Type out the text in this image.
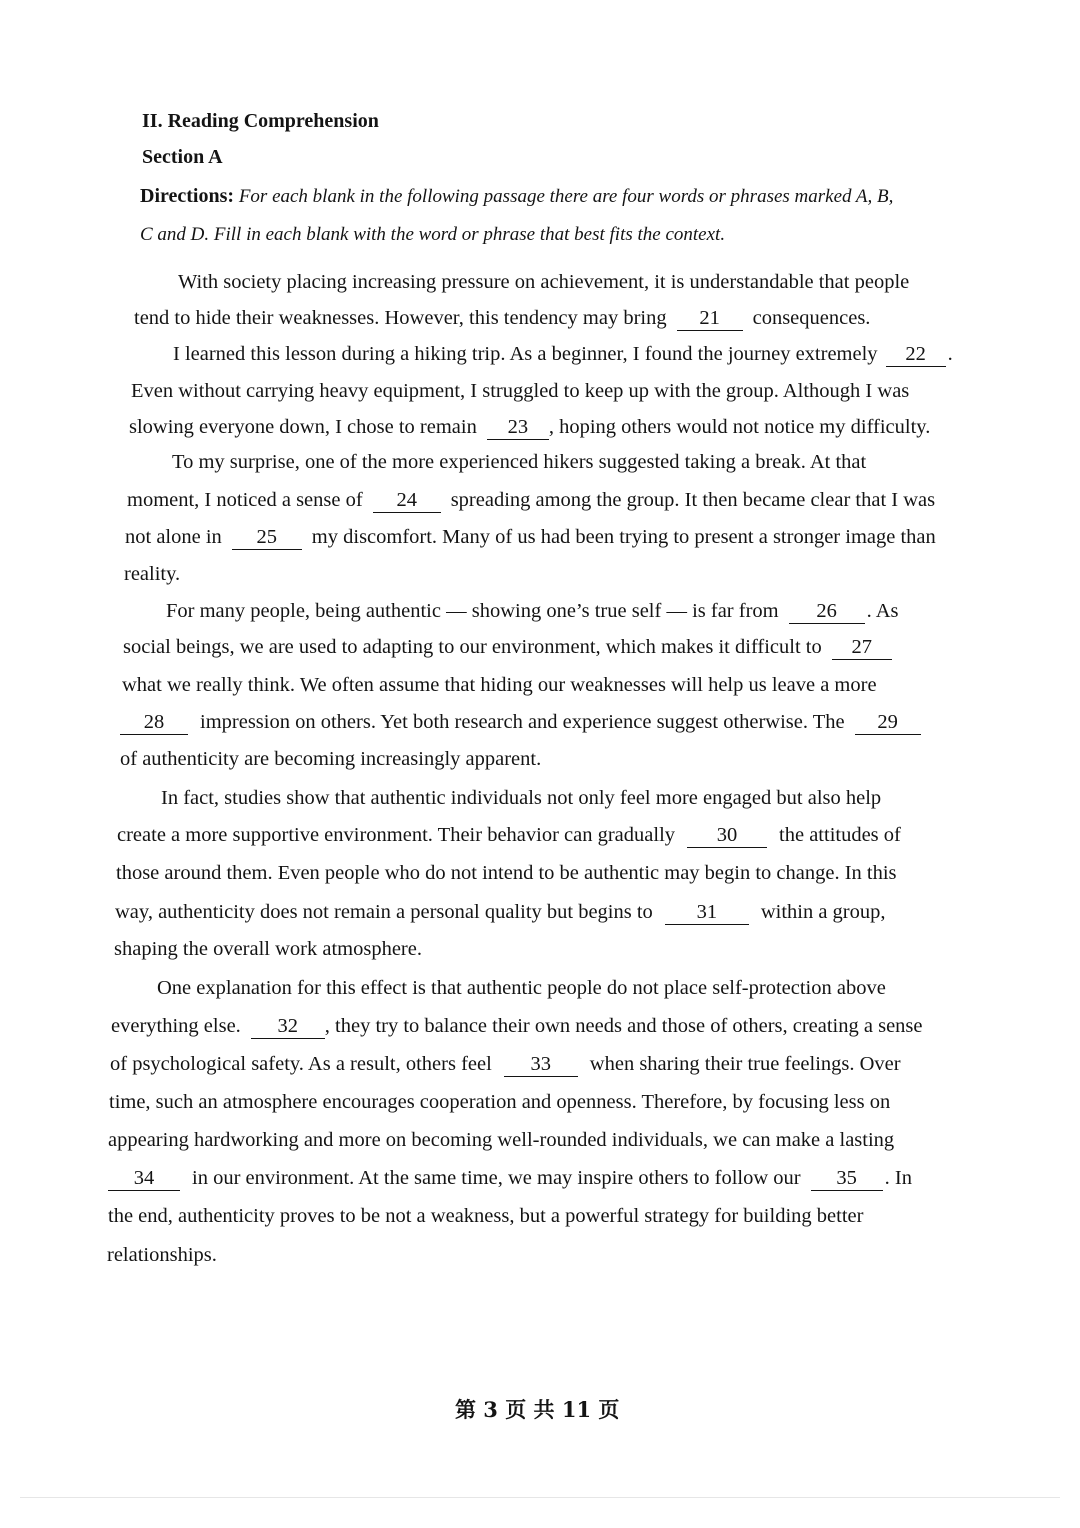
II. Reading Comprehension
Section A
Directions: For each blank in the following passage there are four words or phrases marked A, B,
C and D. Fill in each blank with the word or phrase that best fits the context.
With society placing increasing pressure on achievement, it is understandable that people
tend to hide their weaknesses. However, this tendency may bring	21	consequences.
I learned this lesson during a hiking trip. As a beginner, I found the journey extremely	22	.
Even without carrying heavy equipment, I struggled to keep up with the group. Although I was
slowing everyone down, I chose to remain	23	, hoping others would not notice my difficulty.
To my surprise, one of the more experienced hikers suggested taking a break. At that
moment, I noticed a sense of	24	spreading among the group. It then became clear that I was
not alone in	25	my discomfort. Many of us had been trying to present a stronger image than
reality.
For many people, being authentic — showing one’s true self — is far from	26	. As
social beings, we are used to adapting to our environment, which makes it difficult to	27
what we really think. We often assume that hiding our weaknesses will help us leave a more
28	impression on others. Yet both research and experience suggest otherwise. The	29
of authenticity are becoming increasingly apparent.
In fact, studies show that authentic individuals not only feel more engaged but also help
create a more supportive environment. Their behavior can gradually	30	the attitudes of
those around them. Even people who do not intend to be authentic may begin to change. In this
way, authenticity does not remain a personal quality but begins to	31	within a group,
shaping the overall work atmosphere.
One explanation for this effect is that authentic people do not place self-protection above
everything else.	32	, they try to balance their own needs and those of others, creating a sense
of psychological safety. As a result, others feel	33	when sharing their true feelings. Over
time, such an atmosphere encourages cooperation and openness. Therefore, by focusing less on
appearing hardworking and more on becoming well-rounded individuals, we can make a lasting
34	in our environment. At the same time, we may inspire others to follow our	35	. In
the end, authenticity proves to be not a weakness, but a powerful strategy for building better
relationships.
第 3 页 共 11 页
